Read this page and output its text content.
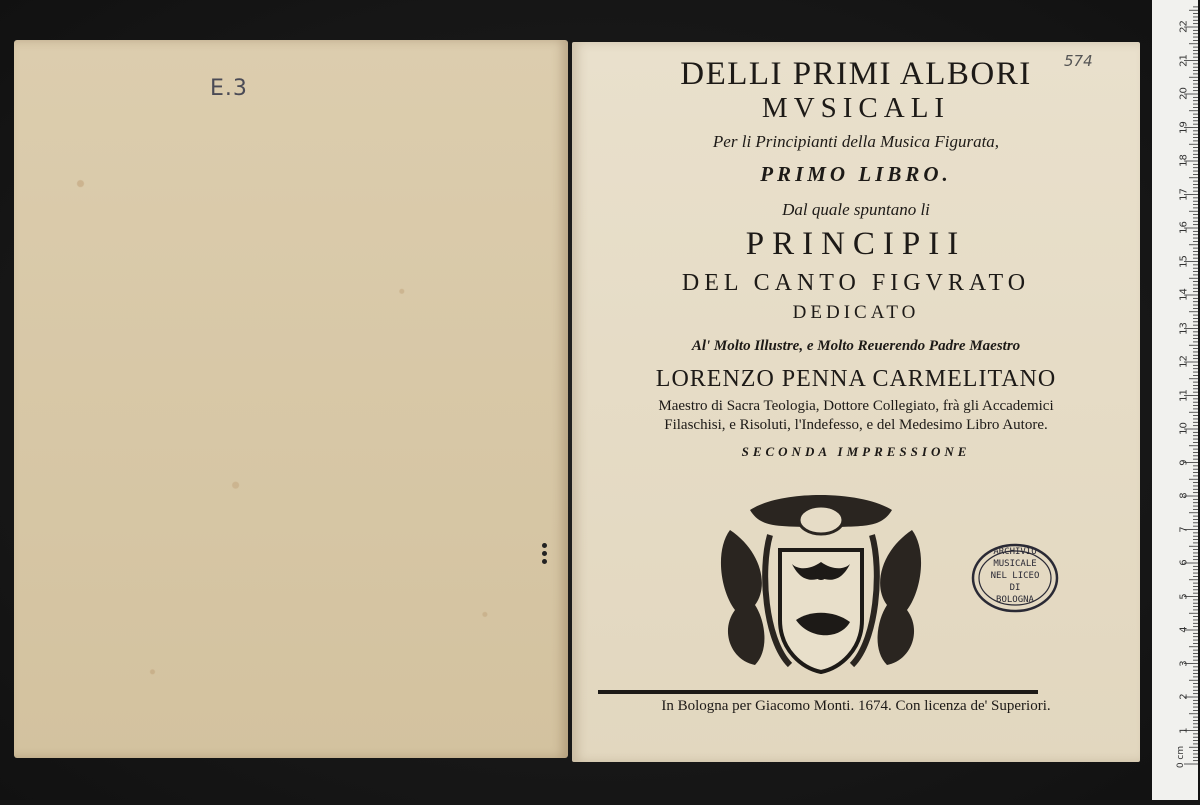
E.3
574
DELLI PRIMI ALBORI
MVSICALI
Per li Principianti della Musica Figurata,
PRIMO LIBRO.
Dal quale spuntano li
PRINCIPII
DEL CANTO FIGVRATO
DEDICATO
Al' Molto Illustre, e Molto Reuerendo Padre Maestro
LORENZO PENNA CARMELITANO
Maestro di Sacra Teologia, Dottore Collegiato, frà gli Accademici
Filaschisi, e Risoluti, l'Indefesso, e del Medesimo Libro Autore.
SECONDA IMPRESSIONE
ARCHIVIO
MUSICALE
NEL LICEO
DI
BOLOGNA
In Bologna per Giacomo Monti. 1674. Con licenza de' Superiori.
0 cm
1
2
3
4
5
6
7
8
9
10
11
12
13
14
15
16
17
18
19
20
21
22
